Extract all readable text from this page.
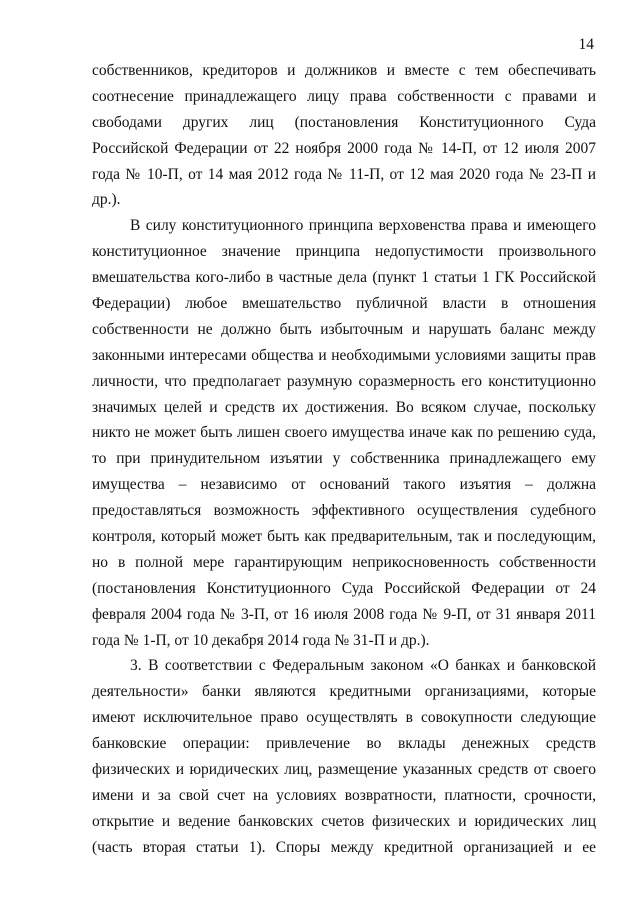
14
собственников, кредиторов и должников и вместе с тем обеспечивать
соотнесение принадлежащего лицу права собственности с правами и
свободами других лиц (постановления Конституционного Суда
Российской Федерации от 22 ноября 2000 года № 14-П, от 12 июля 2007
года № 10-П, от 14 мая 2012 года № 11-П, от 12 мая 2020 года № 23-П и
др.).
В силу конституционного принципа верховенства права и имеющего
конституционное значение принципа недопустимости произвольного
вмешательства кого-либо в частные дела (пункт 1 статьи 1 ГК Российской
Федерации) любое вмешательство публичной власти в отношения
собственности не должно быть избыточным и нарушать баланс между
законными интересами общества и необходимыми условиями защиты прав
личности, что предполагает разумную соразмерность его конституционно
значимых целей и средств их достижения. Во всяком случае, поскольку
никто не может быть лишен своего имущества иначе как по решению суда,
то при принудительном изъятии у собственника принадлежащего ему
имущества – независимо от оснований такого изъятия – должна
предоставляться возможность эффективного осуществления судебного
контроля, который может быть как предварительным, так и последующим,
но в полной мере гарантирующим неприкосновенность собственности
(постановления Конституционного Суда Российской Федерации от 24
февраля 2004 года № 3-П, от 16 июля 2008 года № 9-П, от 31 января 2011
года № 1-П, от 10 декабря 2014 года № 31-П и др.).
3. В соответствии с Федеральным законом «О банках и банковской
деятельности» банки являются кредитными организациями, которые
имеют исключительное право осуществлять в совокупности следующие
банковские операции: привлечение во вклады денежных средств
физических и юридических лиц, размещение указанных средств от своего
имени и за свой счет на условиях возвратности, платности, срочности,
открытие и ведение банковских счетов физических и юридических лиц
(часть вторая статьи 1). Споры между кредитной организацией и ее
